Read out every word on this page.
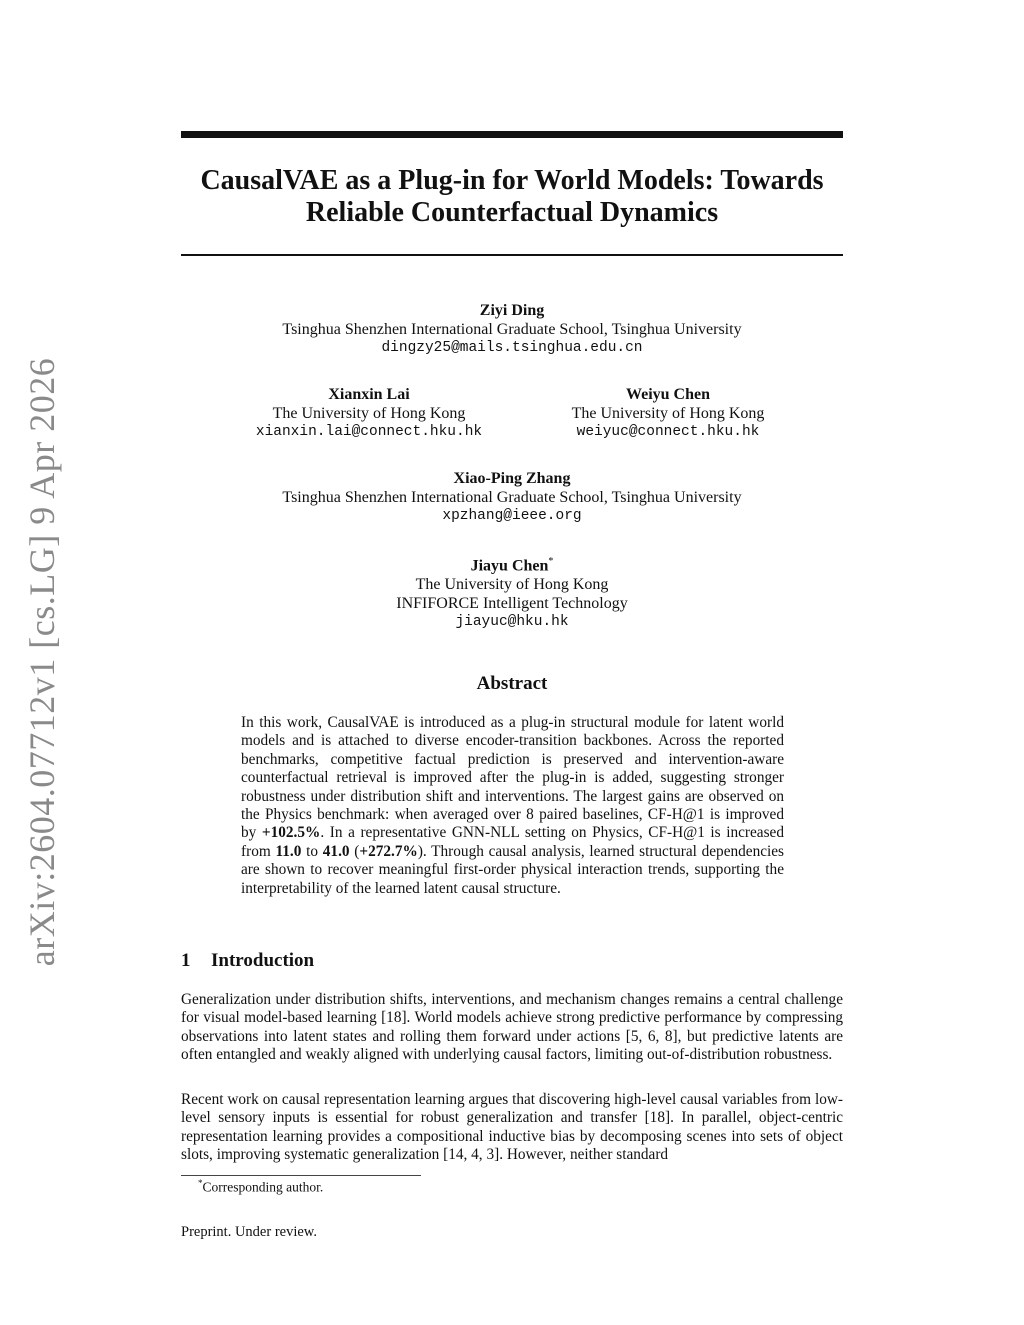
arXiv:2604.07712v1 [cs.LG] 9 Apr 2026
CausalVAE as a Plug-in for World Models: Towards Reliable Counterfactual Dynamics
Ziyi Ding
Tsinghua Shenzhen International Graduate School, Tsinghua University
dingzy25@mails.tsinghua.edu.cn
Xianxin Lai
The University of Hong Kong
xianxin.lai@connect.hku.hk
Weiyu Chen
The University of Hong Kong
weiyuc@connect.hku.hk
Xiao-Ping Zhang
Tsinghua Shenzhen International Graduate School, Tsinghua University
xpzhang@ieee.org
Jiayu Chen*
The University of Hong Kong
INFIFORCE Intelligent Technology
jiayuc@hku.hk
Abstract

In this work, CausalVAE is introduced as a plug-in structural module for latent world models and is attached to diverse encoder-transition backbones. Across the reported benchmarks, competitive factual prediction is preserved and intervention-aware counterfactual retrieval is improved after the plug-in is added, suggesting stronger robustness under distribution shift and interventions. The largest gains are observed on the Physics benchmark: when averaged over 8 paired baselines, CF-H@1 is improved by +102.5%. In a representative GNN-NLL setting on Physics, CF-H@1 is increased from 11.0 to 41.0 (+272.7%). Through causal analysis, learned structural dependencies are shown to recover meaningful first-order physical interaction trends, supporting the interpretability of the learned latent causal structure.

1 Introduction

Generalization under distribution shifts, interventions, and mechanism changes remains a central challenge for visual model-based learning [18]. World models achieve strong predictive performance by compressing observations into latent states and rolling them forward under actions [5, 6, 8], but predictive latents are often entangled and weakly aligned with underlying causal factors, limiting out-of-distribution robustness.

Recent work on causal representation learning argues that discovering high-level causal variables from low-level sensory inputs is essential for robust generalization and transfer [18]. In parallel, object-centric representation learning provides a compositional inductive bias by decomposing scenes into sets of object slots, improving systematic generalization [14, 4, 3]. However, neither standard

*Corresponding author.
Preprint. Under review.
